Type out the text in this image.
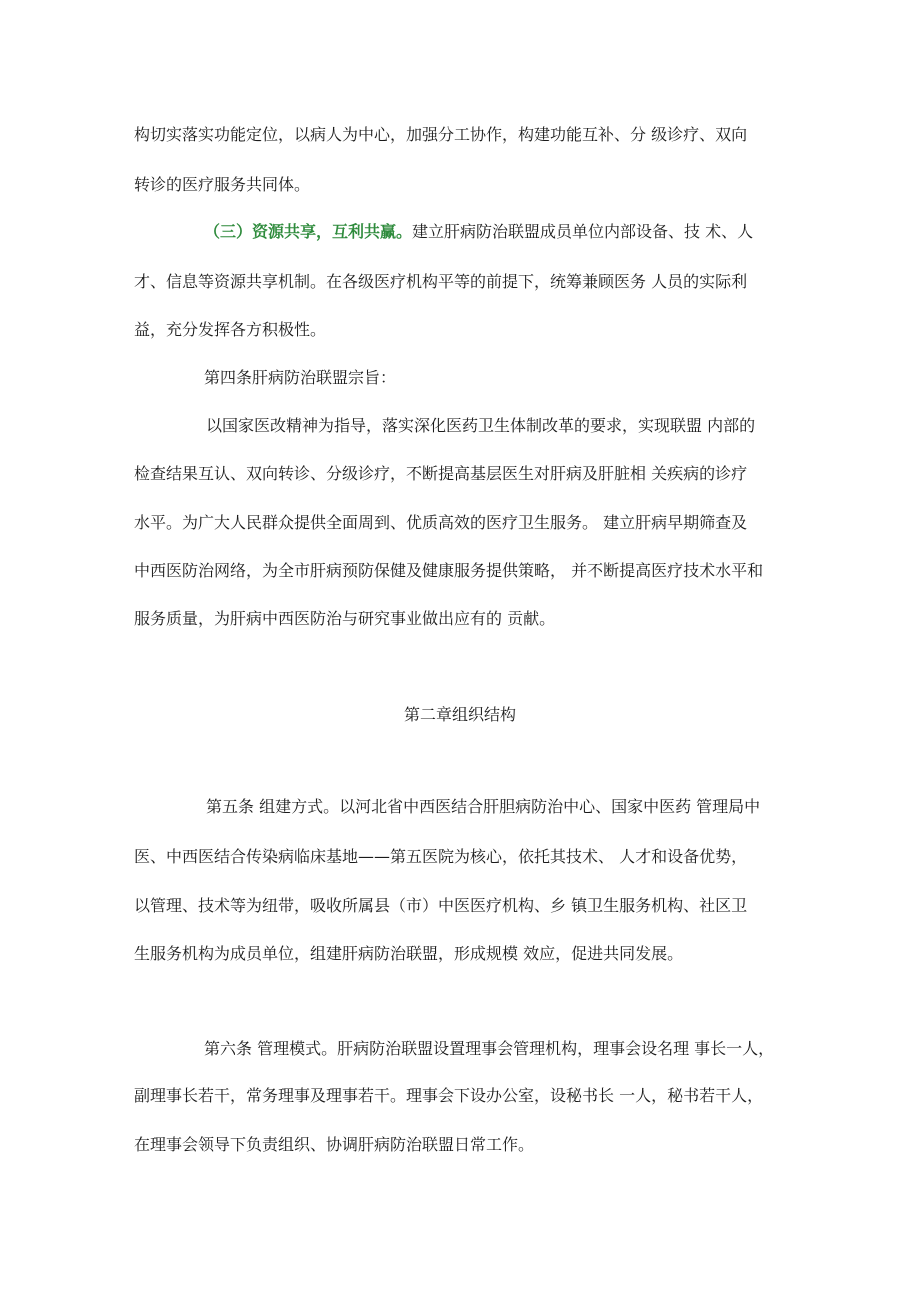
构切实落实功能定位，以病人为中心，加强分工协作，构建功能互补、分 级诊疗、双向
转诊的医疗服务共同体。
（三）资源共享，互利共赢。建立肝病防治联盟成员单位内部设备、技 术、人
才、信息等资源共享机制。在各级医疗机构平等的前提下，统筹兼顾医务 人员的实际利
益，充分发挥各方积极性。
第四条肝病防治联盟宗旨：
以国家医改精神为指导，落实深化医药卫生体制改革的要求，实现联盟 内部的
检查结果互认、双向转诊、分级诊疗，不断提高基层医生对肝病及肝脏相 关疾病的诊疗
水平。为广大人民群众提供全面周到、优质高效的医疗卫生服务。 建立肝病早期筛查及
中西医防治网络，为全市肝病预防保健及健康服务提供策略， 并不断提高医疗技术水平和
服务质量，为肝病中西医防治与研究事业做出应有的 贡献。
第二章组织结构
第五条 组建方式。以河北省中西医结合肝胆病防治中心、国家中医药 管理局中
医、中西医结合传染病临床基地——第五医院为核心，依托其技术、 人才和设备优势，
以管理、技术等为纽带，吸收所属县（市）中医医疗机构、乡 镇卫生服务机构、社区卫
生服务机构为成员单位，组建肝病防治联盟，形成规模 效应，促进共同发展。
第六条 管理模式。肝病防治联盟设置理事会管理机构，理事会设名理 事长一人，
副理事长若干，常务理事及理事若干。理事会下设办公室，设秘书长 一人，秘书若干人，
在理事会领导下负责组织、协调肝病防治联盟日常工作。
